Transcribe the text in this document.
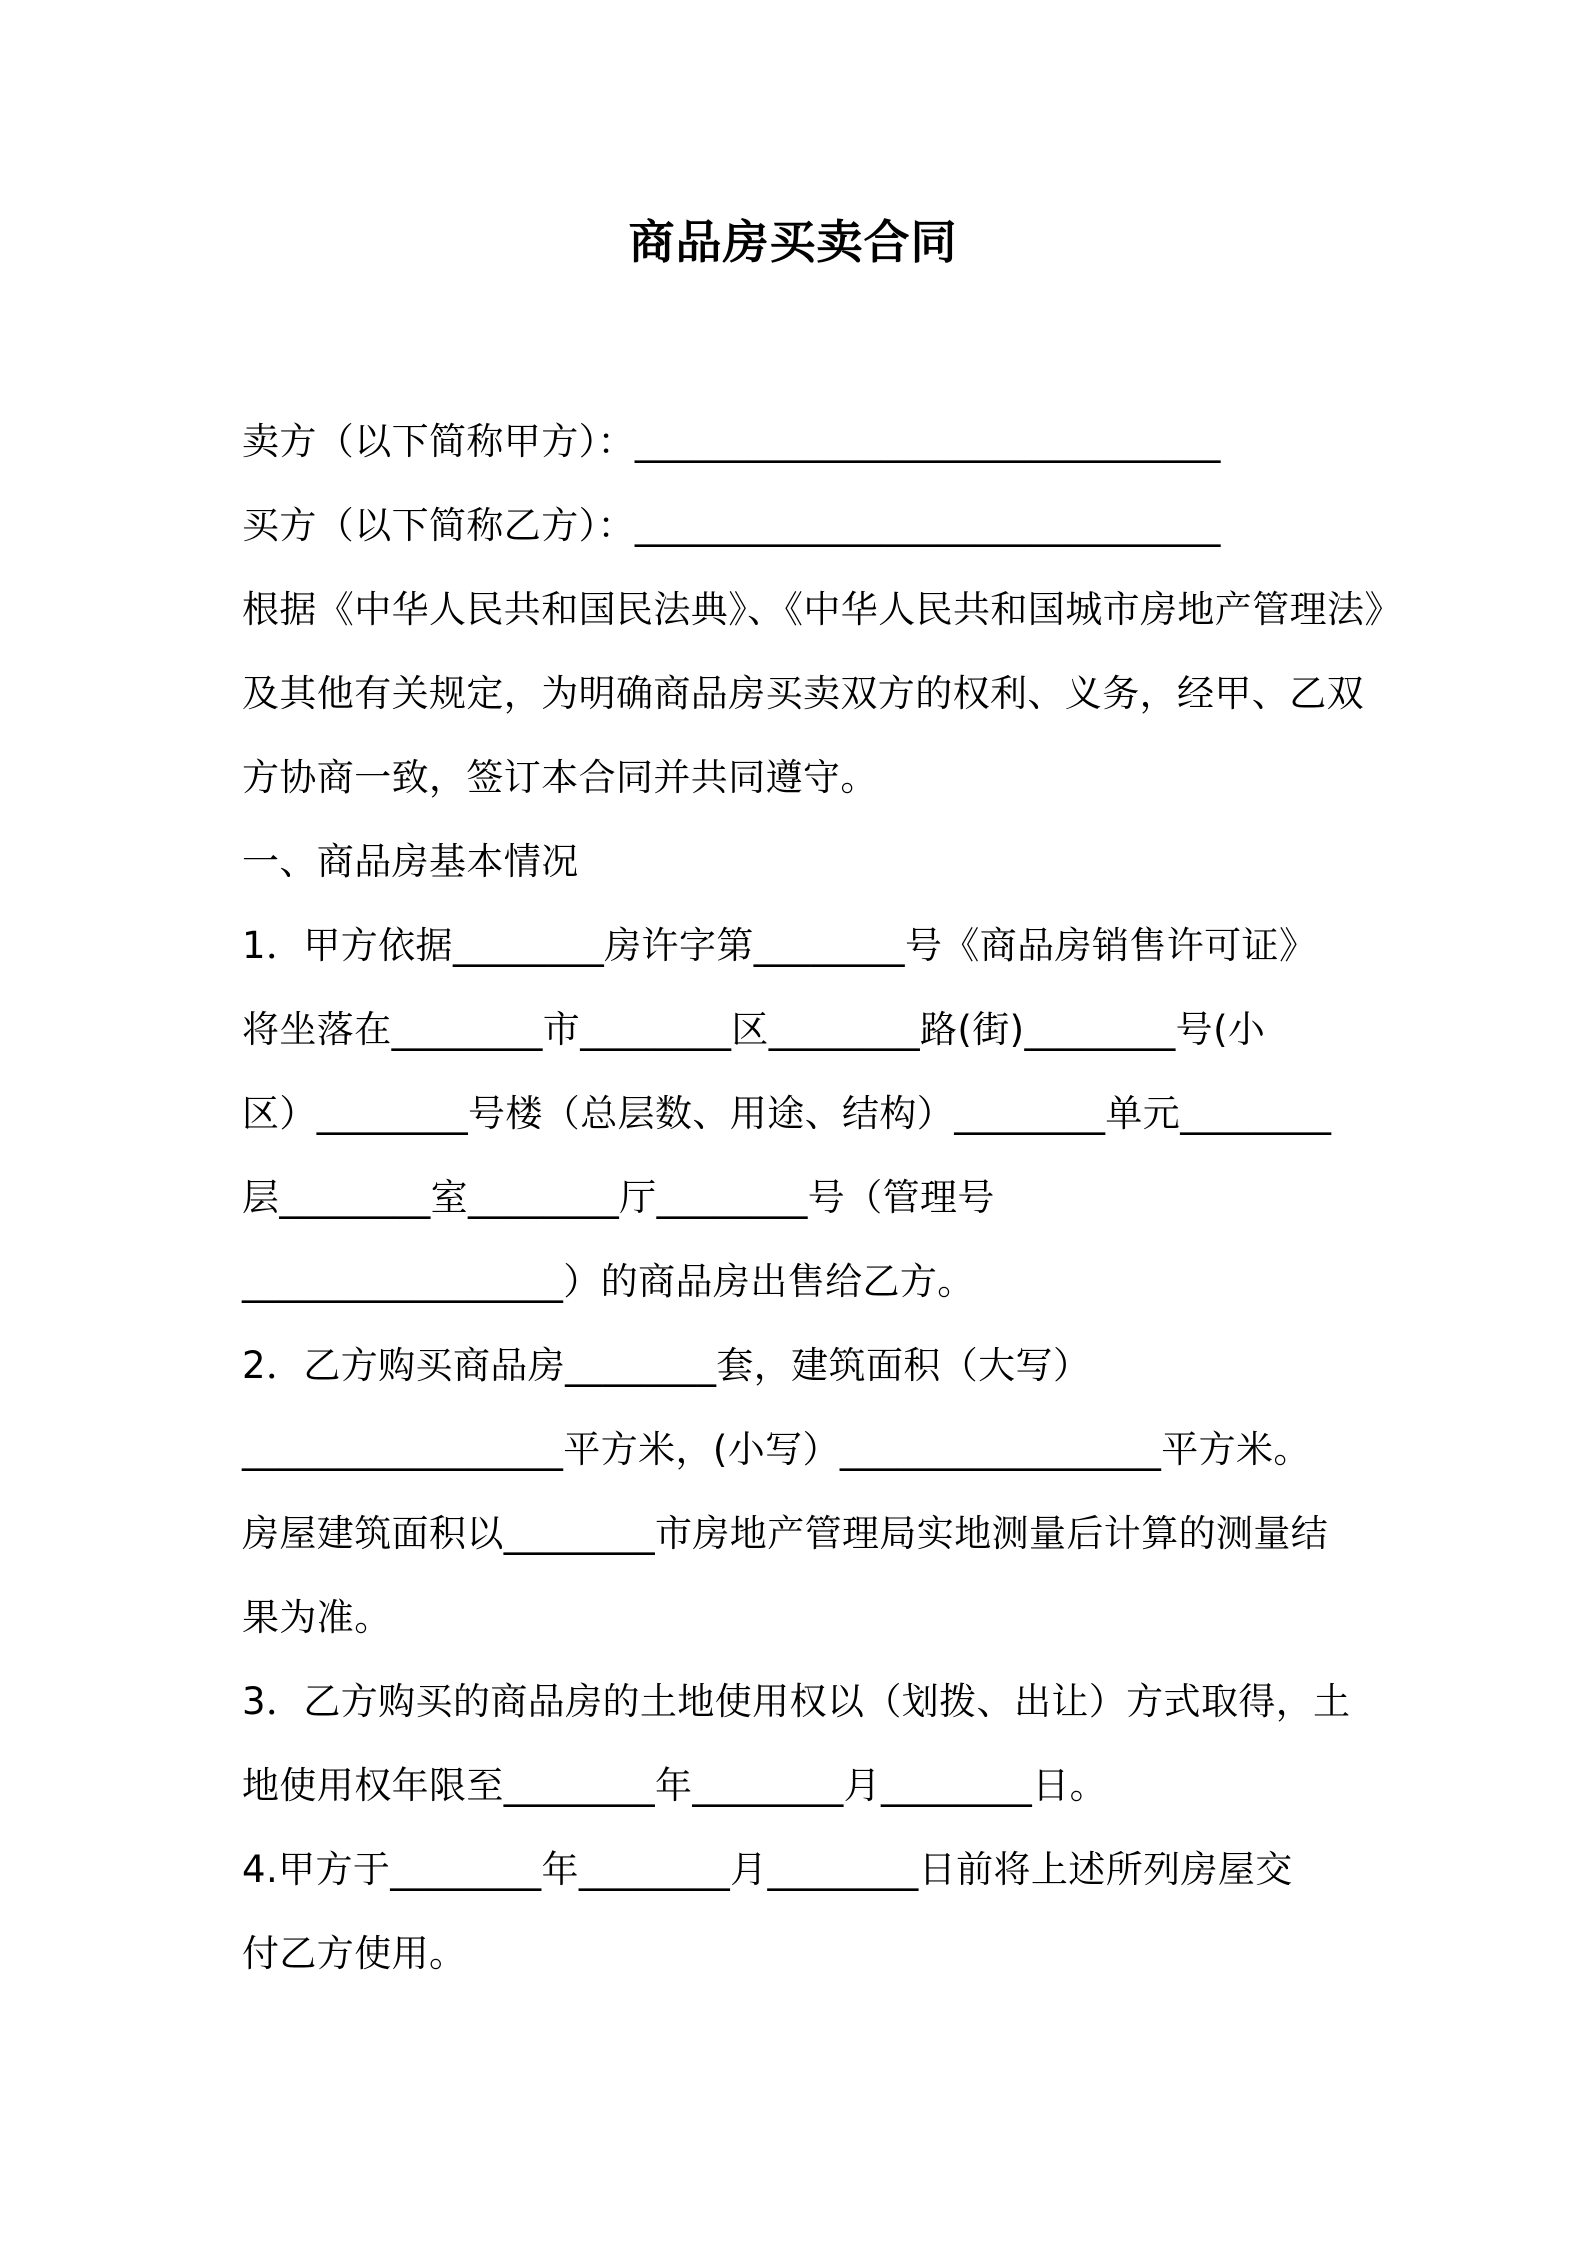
商品房买卖合同
卖方（以下简称甲方）：_______________________________
买方（以下简称乙方）：_______________________________
根据《中华人民共和国民法典》、《中华人民共和国城市房地产管理法》
及其他有关规定，为明确商品房买卖双方的权利、义务，经甲、乙双
方协商一致，签订本合同并共同遵守。
一、商品房基本情况
1．甲方依据________房许字第________号《商品房销售许可证》
将坐落在________市________区________路(街)________号(小
区）________号楼（总层数、用途、结构）________单元________
层________室________厅________号（管理号
_________________）的商品房出售给乙方。
2．乙方购买商品房________套，建筑面积（大写）
_________________平方米，(小写）_________________平方米。
房屋建筑面积以________市房地产管理局实地测量后计算的测量结
果为准。
3．乙方购买的商品房的土地使用权以（划拨、出让）方式取得，土
地使用权年限至________年________月________日。
4.甲方于________年________月________日前将上述所列房屋交
付乙方使用。
